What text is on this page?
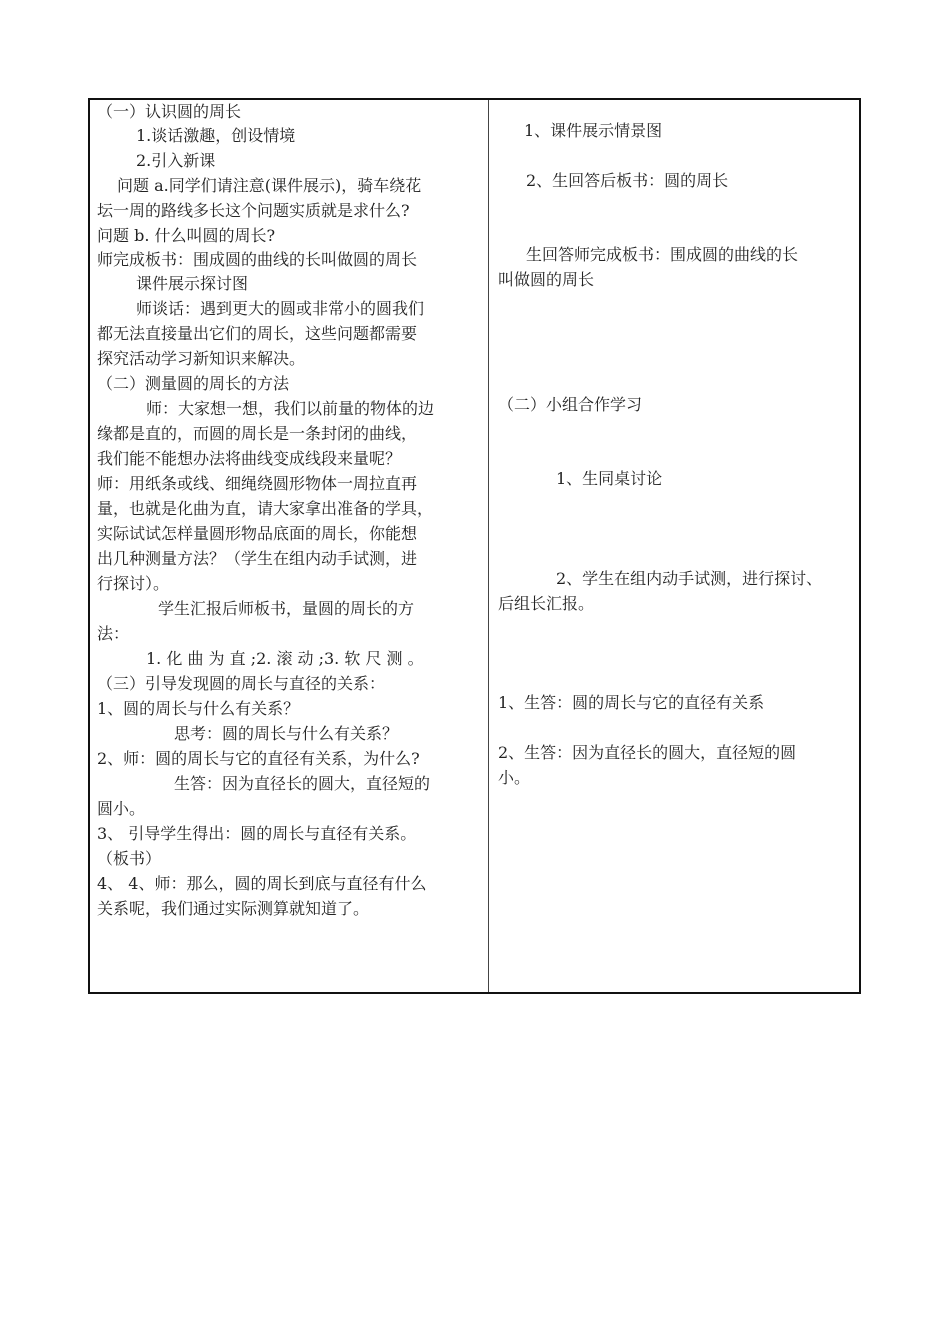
（一）认识圆的周长
1.谈话激趣，创设情境
2.引入新课
问题 a.同学们请注意(课件展示)，骑车绕花
坛一周的路线多长这个问题实质就是求什么?
问题 b. 什么叫圆的周长?
师完成板书：围成圆的曲线的长叫做圆的周长
课件展示探讨图
师谈话：遇到更大的圆或非常小的圆我们
都无法直接量出它们的周长，这些问题都需要
探究活动学习新知识来解决。
（二）测量圆的周长的方法
师：大家想一想，我们以前量的物体的边
缘都是直的，而圆的周长是一条封闭的曲线，
我们能不能想办法将曲线变成线段来量呢？
师：用纸条或线、细绳绕圆形物体一周拉直再
量，也就是化曲为直，请大家拿出准备的学具，
实际试试怎样量圆形物品底面的周长，你能想
出几种测量方法？（学生在组内动手试测，进
行探讨）。
学生汇报后师板书，量圆的周长的方
法：
1. 化 曲 为 直 ;2. 滚 动 ;3. 软 尺 测 。
（三）引导发现圆的周长与直径的关系：
1、圆的周长与什么有关系？
思考：圆的周长与什么有关系？
2、师：圆的周长与它的直径有关系，为什么?
生答：因为直径长的圆大，直径短的
圆小。
3、 引导学生得出：圆的周长与直径有关系。
（板书）
4、 4、师：那么，圆的周长到底与直径有什么
关系呢，我们通过实际测算就知道了。
1、课件展示情景图
2、生回答后板书：圆的周长
生回答师完成板书：围成圆的曲线的长
叫做圆的周长
（二）小组合作学习
1、生同桌讨论
2、学生在组内动手试测，进行探讨、
后组长汇报。
1、生答：圆的周长与它的直径有关系
2、生答：因为直径长的圆大，直径短的圆
小。
